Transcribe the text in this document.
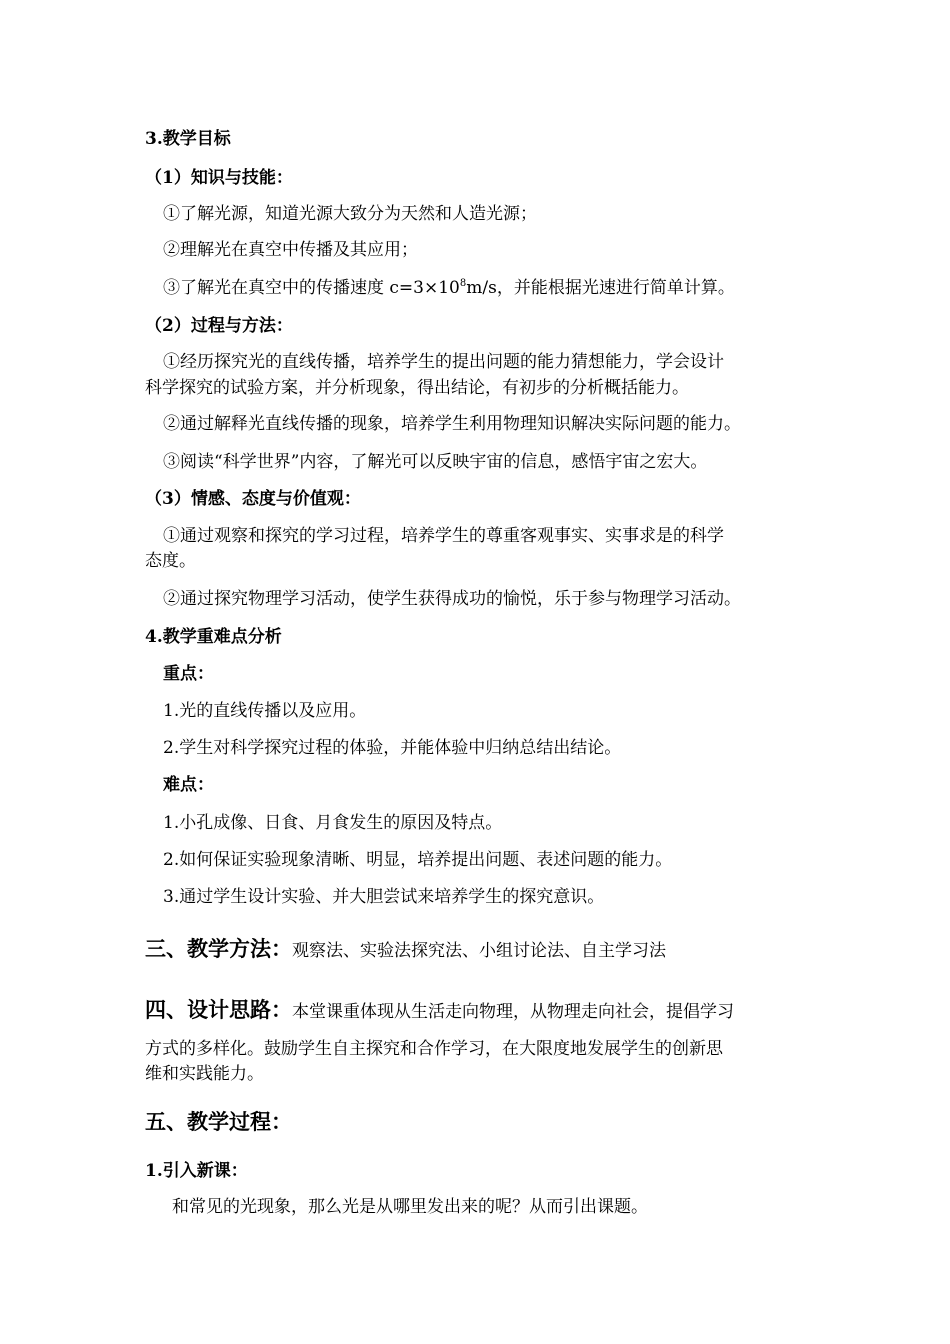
3.教学目标
（1）知识与技能：
①了解光源，知道光源大致分为天然和人造光源；
②理解光在真空中传播及其应用；
③了解光在真空中的传播速度 $c=3\times 10^8m/s$，并能根据光速进行简单计算。
（2）过程与方法：
①经历探究光的直线传播，培养学生的提出问题的能力猜想能力，学会设计
科学探究的试验方案，并分析现象，得出结论，有初步的分析概括能力。
②通过解释光直线传播的现象，培养学生利用物理知识解决实际问题的能力。
③阅读“科学世界”内容，了解光可以反映宇宙的信息，感悟宇宙之宏大。
（3）情感、态度与价值观：
①通过观察和探究的学习过程，培养学生的尊重客观事实、实事求是的科学
态度。
②通过探究物理学习活动，使学生获得成功的愉悦，乐于参与物理学习活动。
4.教学重难点分析
重点：
1.光的直线传播以及应用。
2.学生对科学探究过程的体验，并能体验中归纳总结出结论。
难点：
1.小孔成像、日食、月食发生的原因及特点。
2.如何保证实验现象清晰、明显，培养提出问题、表述问题的能力。
3.通过学生设计实验、并大胆尝试来培养学生的探究意识。
三、教学方法：观察法、实验法探究法、小组讨论法、自主学习法
四、设计思路：本堂课重体现从生活走向物理，从物理走向社会，提倡学习
方式的多样化。鼓励学生自主探究和合作学习，在大限度地发展学生的创新思
维和实践能力。
五、教学过程：
1.引入新课：
和常见的光现象，那么光是从哪里发出来的呢？从而引出课题。
